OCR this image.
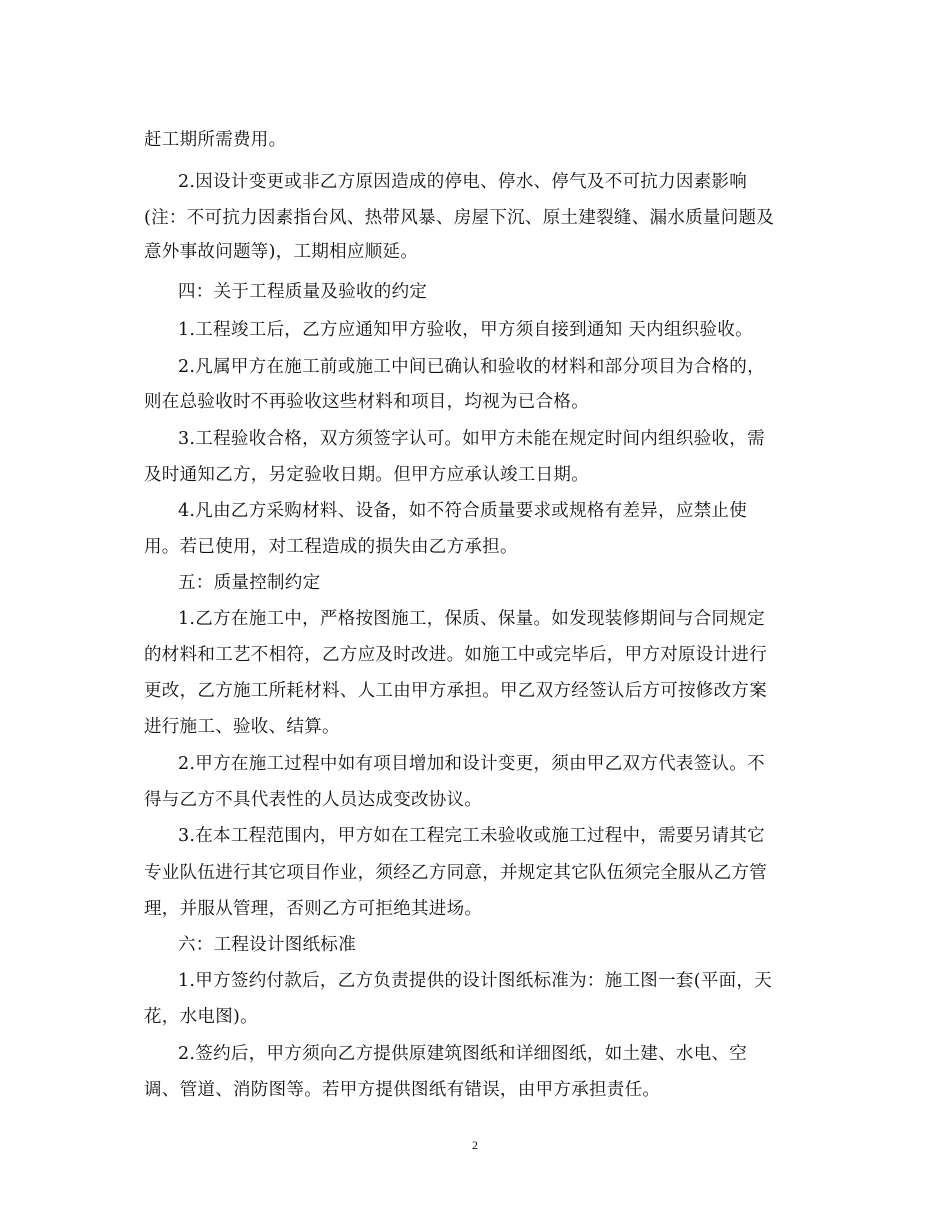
赶工期所需费用。
2.因设计变更或非乙方原因造成的停电、停水、停气及不可抗力因素影响
(注：不可抗力因素指台风、热带风暴、房屋下沉、原土建裂缝、漏水质量问题及
意外事故问题等)，工期相应顺延。
四：关于工程质量及验收的约定
1.工程竣工后，乙方应通知甲方验收，甲方须自接到通知 天内组织验收。
2.凡属甲方在施工前或施工中间已确认和验收的材料和部分项目为合格的，
则在总验收时不再验收这些材料和项目，均视为已合格。
3.工程验收合格，双方须签字认可。如甲方未能在规定时间内组织验收，需
及时通知乙方，另定验收日期。但甲方应承认竣工日期。
4.凡由乙方采购材料、设备，如不符合质量要求或规格有差异，应禁止使
用。若已使用，对工程造成的损失由乙方承担。
五：质量控制约定
1.乙方在施工中，严格按图施工，保质、保量。如发现装修期间与合同规定
的材料和工艺不相符，乙方应及时改进。如施工中或完毕后，甲方对原设计进行
更改，乙方施工所耗材料、人工由甲方承担。甲乙双方经签认后方可按修改方案
进行施工、验收、结算。
2.甲方在施工过程中如有项目增加和设计变更，须由甲乙双方代表签认。不
得与乙方不具代表性的人员达成变改协议。
3.在本工程范围内，甲方如在工程完工未验收或施工过程中，需要另请其它
专业队伍进行其它项目作业，须经乙方同意，并规定其它队伍须完全服从乙方管
理，并服从管理，否则乙方可拒绝其进场。
六：工程设计图纸标准
1.甲方签约付款后，乙方负责提供的设计图纸标准为：施工图一套(平面，天
花，水电图)。
2.签约后，甲方须向乙方提供原建筑图纸和详细图纸，如土建、水电、空
调、管道、消防图等。若甲方提供图纸有错误，由甲方承担责任。
2
